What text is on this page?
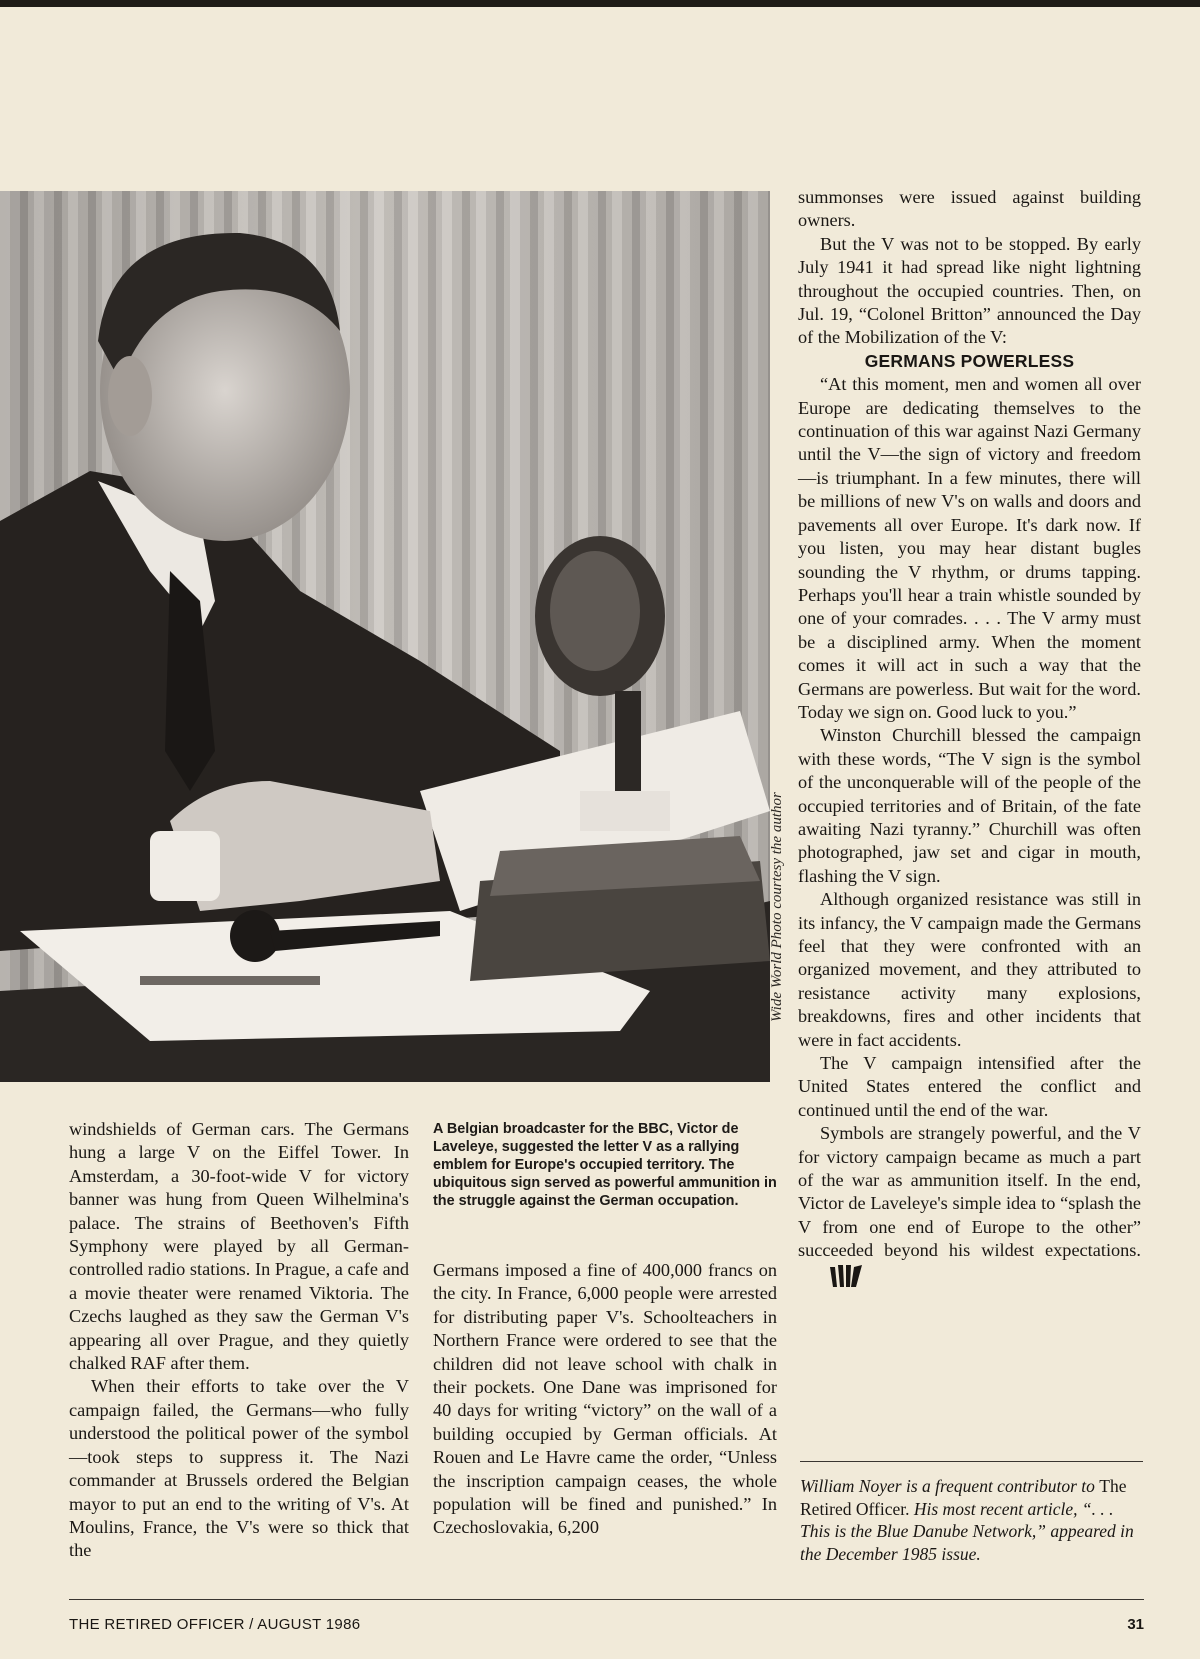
Wide World Photo courtesy the author
A Belgian broadcaster for the BBC, Victor de Laveleye, suggested the letter V as a rallying emblem for Europe's occupied territory. The ubiquitous sign served as powerful ammunition in the struggle against the German occupation.

windshields of German cars. The Germans hung a large V on the Eiffel Tower. In Amsterdam, a 30-foot-wide V for victory banner was hung from Queen Wilhelmina's palace. The strains of Beethoven's Fifth Symphony were played by all German-controlled radio stations. In Prague, a cafe and a movie theater were renamed Viktoria. The Czechs laughed as they saw the German V's appearing all over Prague, and they quietly chalked RAF after them.

When their efforts to take over the V campaign failed, the Germans—who fully understood the political power of the symbol—took steps to suppress it. The Nazi commander at Brussels ordered the Belgian mayor to put an end to the writing of V's. At Moulins, France, the V's were so thick that the

Germans imposed a fine of 400,000 francs on the city. In France, 6,000 people were arrested for distributing paper V's. Schoolteachers in Northern France were ordered to see that the children did not leave school with chalk in their pockets. One Dane was imprisoned for 40 days for writing “victory” on the wall of a building occupied by German officials. At Rouen and Le Havre came the order, “Unless the inscription campaign ceases, the whole population will be fined and punished.” In Czechoslovakia, 6,200

summonses were issued against building owners.

But the V was not to be stopped. By early July 1941 it had spread like night lightning throughout the occupied countries. Then, on Jul. 19, “Colonel Britton” announced the Day of the Mobilization of the V:

GERMANS POWERLESS

“At this moment, men and women all over Europe are dedicating themselves to the continuation of this war against Nazi Germany until the V—the sign of victory and freedom—is triumphant. In a few minutes, there will be millions of new V's on walls and doors and pavements all over Europe. It's dark now. If you listen, you may hear distant bugles sounding the V rhythm, or drums tapping. Perhaps you'll hear a train whistle sounded by one of your comrades. . . . The V army must be a disciplined army. When the moment comes it will act in such a way that the Germans are powerless. But wait for the word. Today we sign on. Good luck to you.”

Winston Churchill blessed the campaign with these words, “The V sign is the symbol of the unconquerable will of the people of the occupied territories and of Britain, of the fate awaiting Nazi tyranny.” Churchill was often photographed, jaw set and cigar in mouth, flashing the V sign.

Although organized resistance was still in its infancy, the V campaign made the Germans feel that they were confronted with an organized movement, and they attributed to resistance activity many explosions, breakdowns, fires and other incidents that were in fact accidents.

The V campaign intensified after the United States entered the conflict and continued until the end of the war.

Symbols are strangely powerful, and the V for victory campaign became as much a part of the war as ammunition itself. In the end, Victor de Laveleye's simple idea to “splash the V from one end of Europe to the other” succeeded beyond his wildest expectations.

William Noyer is a frequent contributor to The Retired Officer. His most recent article, “. . . This is the Blue Danube Network,” appeared in the December 1985 issue.
THE RETIRED OFFICER / AUGUST 1986	31
